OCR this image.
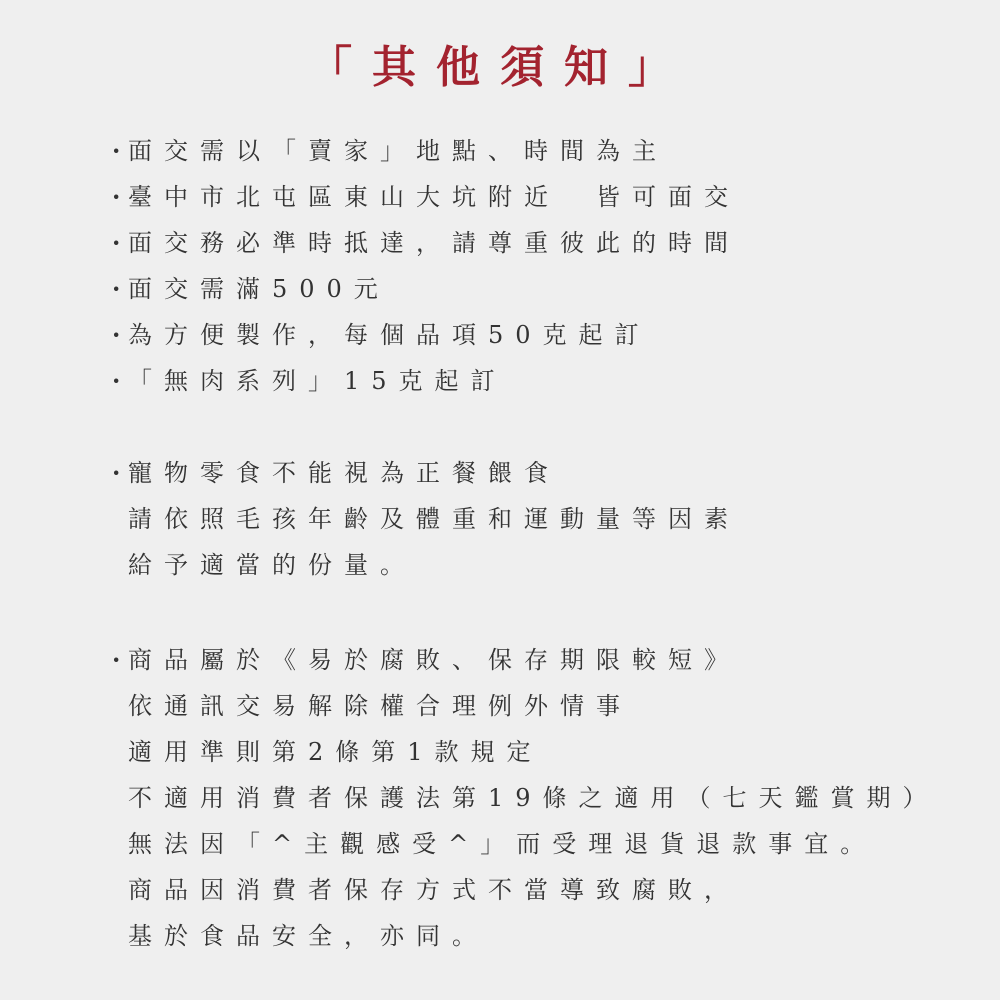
「其他須知」
· 面交需以「賣家」地點、時間為主
· 臺中市北屯區東山大坑附近　皆可面交
· 面交務必準時抵達，請尊重彼此的時間
· 面交需滿500元
· 為方便製作，每個品項50克起訂
· 「無肉系列」15克起訂
· 寵物零食不能視為正餐餵食
請依照毛孩年齡及體重和運動量等因素
給予適當的份量。
· 商品屬於《易於腐敗、保存期限較短》
依通訊交易解除權合理例外情事
適用準則第2條第1款規定
不適用消費者保護法第19條之適用（七天鑑賞期）
無法因「^主觀感受^」而受理退貨退款事宜。
商品因消費者保存方式不當導致腐敗，
基於食品安全，亦同。
